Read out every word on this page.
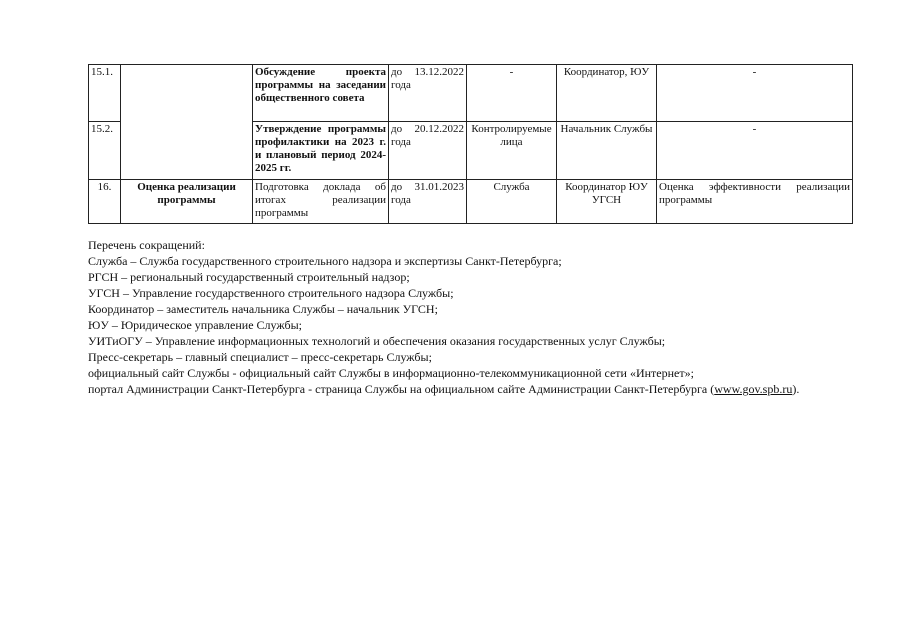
15.1.		Обсуждение проекта программы на заседании общественного совета	до 13.12.2022 года	-	Координатор, ЮУ	-
15.2.		Утверждение программы профилактики на 2023 г. и плановый период 2024-2025 гг.	до 20.12.2022 года	Контролируемые лица	Начальник Службы	-
16.	Оценка реализации программы	Подготовка доклада об итогах реализации программы	до 31.01.2023 года	Служба	Координатор ЮУ УГСН	Оценка эффективности реализации программы
Перечень сокращений:
Служба – Служба государственного строительного надзора и экспертизы Санкт-Петербурга;
РГСН – региональный государственный строительный надзор;
УГСН – Управление государственного строительного надзора Службы;
Координатор – заместитель начальника Службы – начальник УГСН;
ЮУ – Юридическое управление Службы;
УИТиОГУ – Управление информационных технологий и обеспечения оказания государственных услуг Службы;
Пресс-секретарь – главный специалист – пресс-секретарь Службы;
официальный сайт Службы - официальный сайт Службы в информационно-телекоммуникационной сети «Интернет»;
портал Администрации Санкт-Петербурга - страница Службы на официальном сайте Администрации Санкт-Петербурга (www.gov.spb.ru).
